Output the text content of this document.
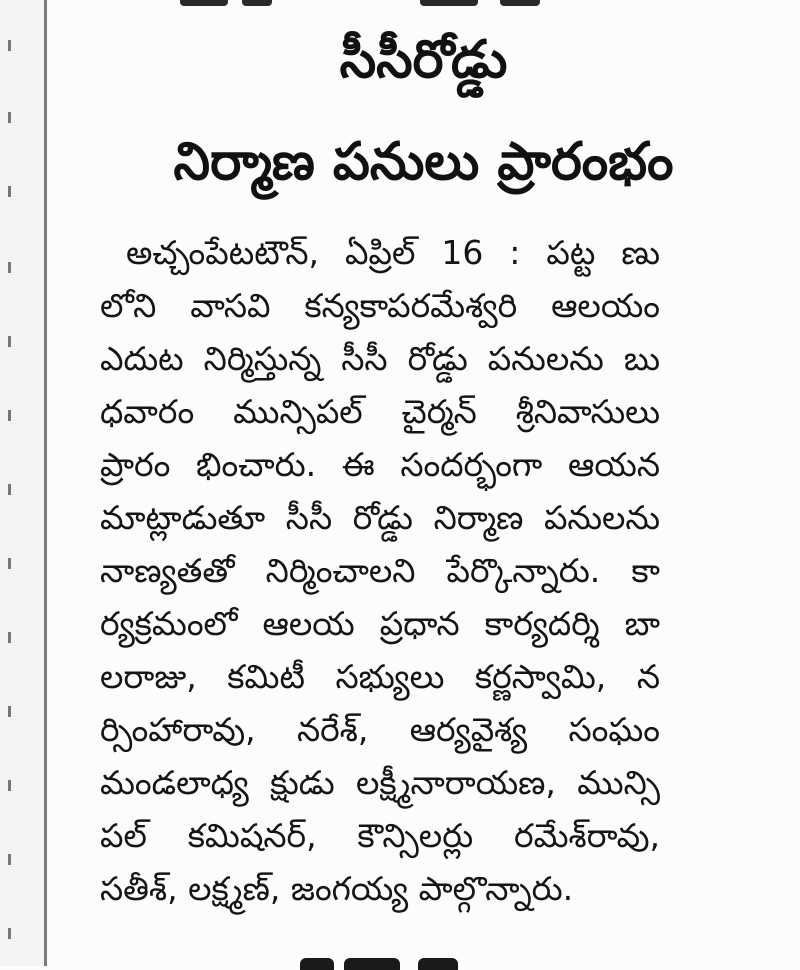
సీసీరోడ్డు
నిర్మాణ పనులు ప్రారంభం
అచ్చంపేటటౌన్, ఏప్రిల్ 16 : పట్ట ణు
లోని వాసవి కన్యకాపరమేశ్వరి ఆలయం
ఎదుట నిర్మిస్తున్న సీసీ రోడ్డు పనులను బు
ధవారం మున్సిపల్ చైర్మన్ శ్రీనివాసులు
ప్రారం భించారు. ఈ సందర్భంగా ఆయన
మాట్లాడుతూ సీసీ రోడ్డు నిర్మాణ పనులను
నాణ్యతతో నిర్మించాలని పేర్కొన్నారు. కా
ర్యక్రమంలో ఆలయ ప్రధాన కార్యదర్శి బా
లరాజు, కమిటీ సభ్యులు కర్ణస్వామి, న
ర్సింహారావు, నరేశ్, ఆర్యవైశ్య సంఘం
మండలాధ్య క్షుడు లక్ష్మీనారాయణ, మున్సి
పల్ కమిషనర్, కౌన్సిలర్లు రమేశ్‌రావు,
సతీశ్, లక్ష్మణ్, జంగయ్య పాల్గొన్నారు.
